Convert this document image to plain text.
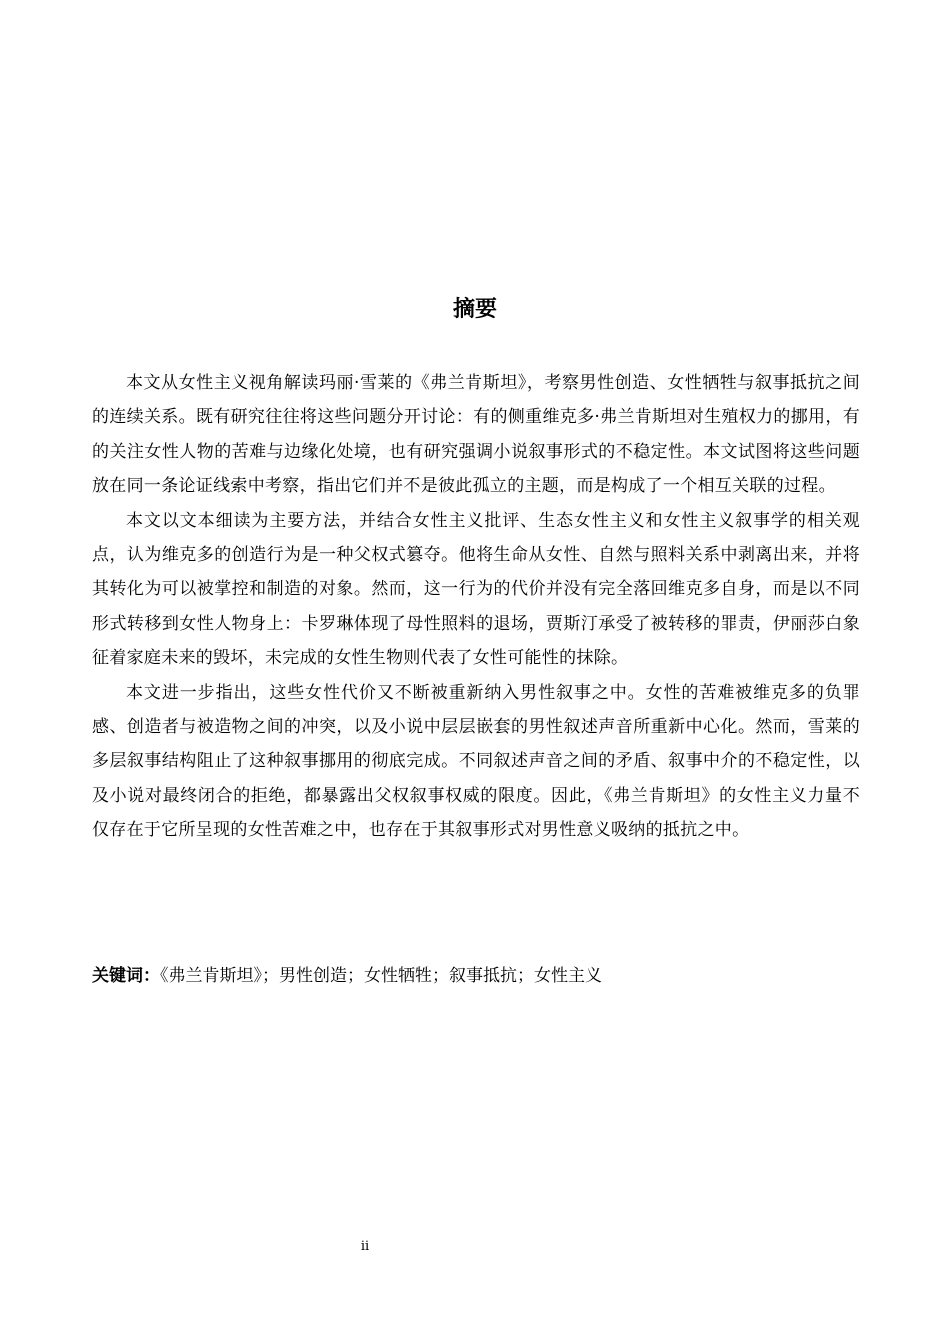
摘要

本文从女性主义视角解读玛丽·雪莱的《弗兰肯斯坦》，考察男性创造、女性牺牲与叙事抵抗之间的连续关系。既有研究往往将这些问题分开讨论：有的侧重维克多·弗兰肯斯坦对生殖权力的挪用，有的关注女性人物的苦难与边缘化处境，也有研究强调小说叙事形式的不稳定性。本文试图将这些问题放在同一条论证线索中考察，指出它们并不是彼此孤立的主题，而是构成了一个相互关联的过程。

本文以文本细读为主要方法，并结合女性主义批评、生态女性主义和女性主义叙事学的相关观点，认为维克多的创造行为是一种父权式篡夺。他将生命从女性、自然与照料关系中剥离出来，并将其转化为可以被掌控和制造的对象。然而，这一行为的代价并没有完全落回维克多自身，而是以不同形式转移到女性人物身上：卡罗琳体现了母性照料的退场，贾斯汀承受了被转移的罪责，伊丽莎白象征着家庭未来的毁坏，未完成的女性生物则代表了女性可能性的抹除。

本文进一步指出，这些女性代价又不断被重新纳入男性叙事之中。女性的苦难被维克多的负罪感、创造者与被造物之间的冲突，以及小说中层层嵌套的男性叙述声音所重新中心化。然而，雪莱的多层叙事结构阻止了这种叙事挪用的彻底完成。不同叙述声音之间的矛盾、叙事中介的不稳定性，以及小说对最终闭合的拒绝，都暴露出父权叙事权威的限度。因此，《弗兰肯斯坦》的女性主义力量不仅存在于它所呈现的女性苦难之中，也存在于其叙事形式对男性意义吸纳的抵抗之中。

关键词：《弗兰肯斯坦》；男性创造；女性牺牲；叙事抵抗；女性主义

ii
